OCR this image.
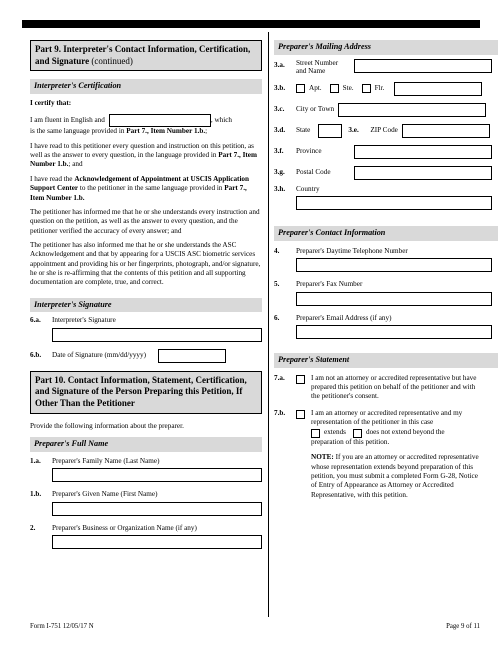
Part 9. Interpreter's Contact Information, Certification, and Signature (continued)
Interpreter's Certification

I certify that:

I am fluent in English and	, which
is the same language provided in Part 7., Item Number 1.b.;

I have read to this petitioner every question and instruction on this petition, as well as the answer to every question, in the language provided in Part 7., Item Number 1.b.; and

I have read the Acknowledgement of Appointment at USCIS Application Support Center to the petitioner in the same language provided in Part 7., Item Number 1.b.

The petitioner has informed me that he or she understands every instruction and question on the petition, as well as the answer to every question, and the petitioner verified the accuracy of every answer; and

The petitioner has also informed me that he or she understands the ASC Acknowledgement and that by appearing for a USCIS ASC biometric services appointment and providing his or her fingerprints, photograph, and/or signature, he or she is re-affirming that the contents of this petition and all supporting documentation are complete, true, and correct.

Interpreter's Signature
6.a.	Interpreter's Signature
6.b.	Date of Signature (mm/dd/yyyy)
Part 10. Contact Information, Statement, Certification, and Signature of the Person Preparing this Petition, If Other Than the Petitioner

Provide the following information about the preparer.

Preparer's Full Name
1.a.	Preparer's Family Name (Last Name)
1.b.	Preparer's Given Name (First Name)
2.	Preparer's Business or Organization Name (if any)
Preparer's Mailing Address
3.a.	Street Number and Name
3.b.	Apt.	Ste.	Flr.
3.c.	City or Town
3.d.	State	3.e.	ZIP Code
3.f.	Province
3.g.	Postal Code
3.h.	Country
Preparer's Contact Information
4.	Preparer's Daytime Telephone Number
5.	Preparer's Fax Number
6.	Preparer's Email Address (if any)
Preparer's Statement
7.a.	I am not an attorney or accredited representative but have prepared this petition on behalf of the petitioner and with the petitioner's consent.
7.b.	I am an attorney or accredited representative and my representation of the petitioner in this case
extends	does not extend beyond the
preparation of this petition.

NOTE: If you are an attorney or accredited representative whose representation extends beyond preparation of this petition, you must submit a completed Form G-28, Notice of Entry of Appearance as Attorney or Accredited Representative, with this petition.

Form I-751 12/05/17 N	Page 9 of 11
